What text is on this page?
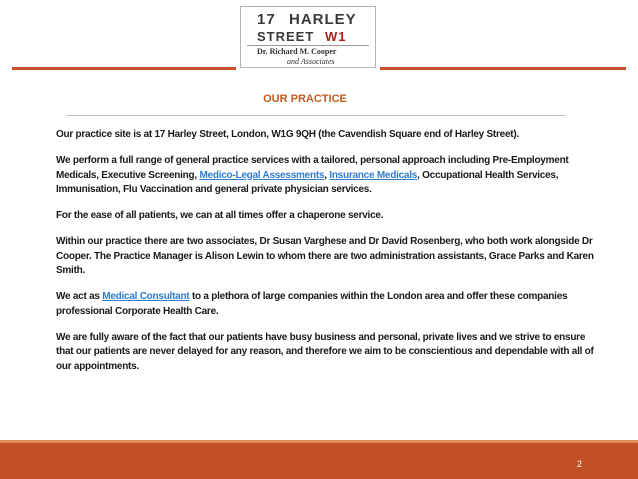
17 HARLEY
STREET W1
Dr. Richard M. Cooper
and Associates
OUR PRACTICE

Our practice site is at 17 Harley Street, London, W1G 9QH (the Cavendish Square end of Harley Street).

We perform a full range of general practice services with a tailored, personal approach including Pre-Employment Medicals, Executive Screening, Medico-Legal Assessments, Insurance Medicals, Occupational Health Services, Immunisation, Flu Vaccination and general private physician services.

For the ease of all patients, we can at all times offer a chaperone service.

Within our practice there are two associates, Dr Susan Varghese and Dr David Rosenberg, who both work alongside Dr Cooper. The Practice Manager is Alison Lewin to whom there are two administration assistants, Grace Parks and Karen Smith.

We act as Medical Consultant to a plethora of large companies within the London area and offer these companies professional Corporate Health Care.

We are fully aware of the fact that our patients have busy business and personal, private lives and we strive to ensure that our patients are never delayed for any reason, and therefore we aim to be conscientious and dependable with all of our appointments.

2
